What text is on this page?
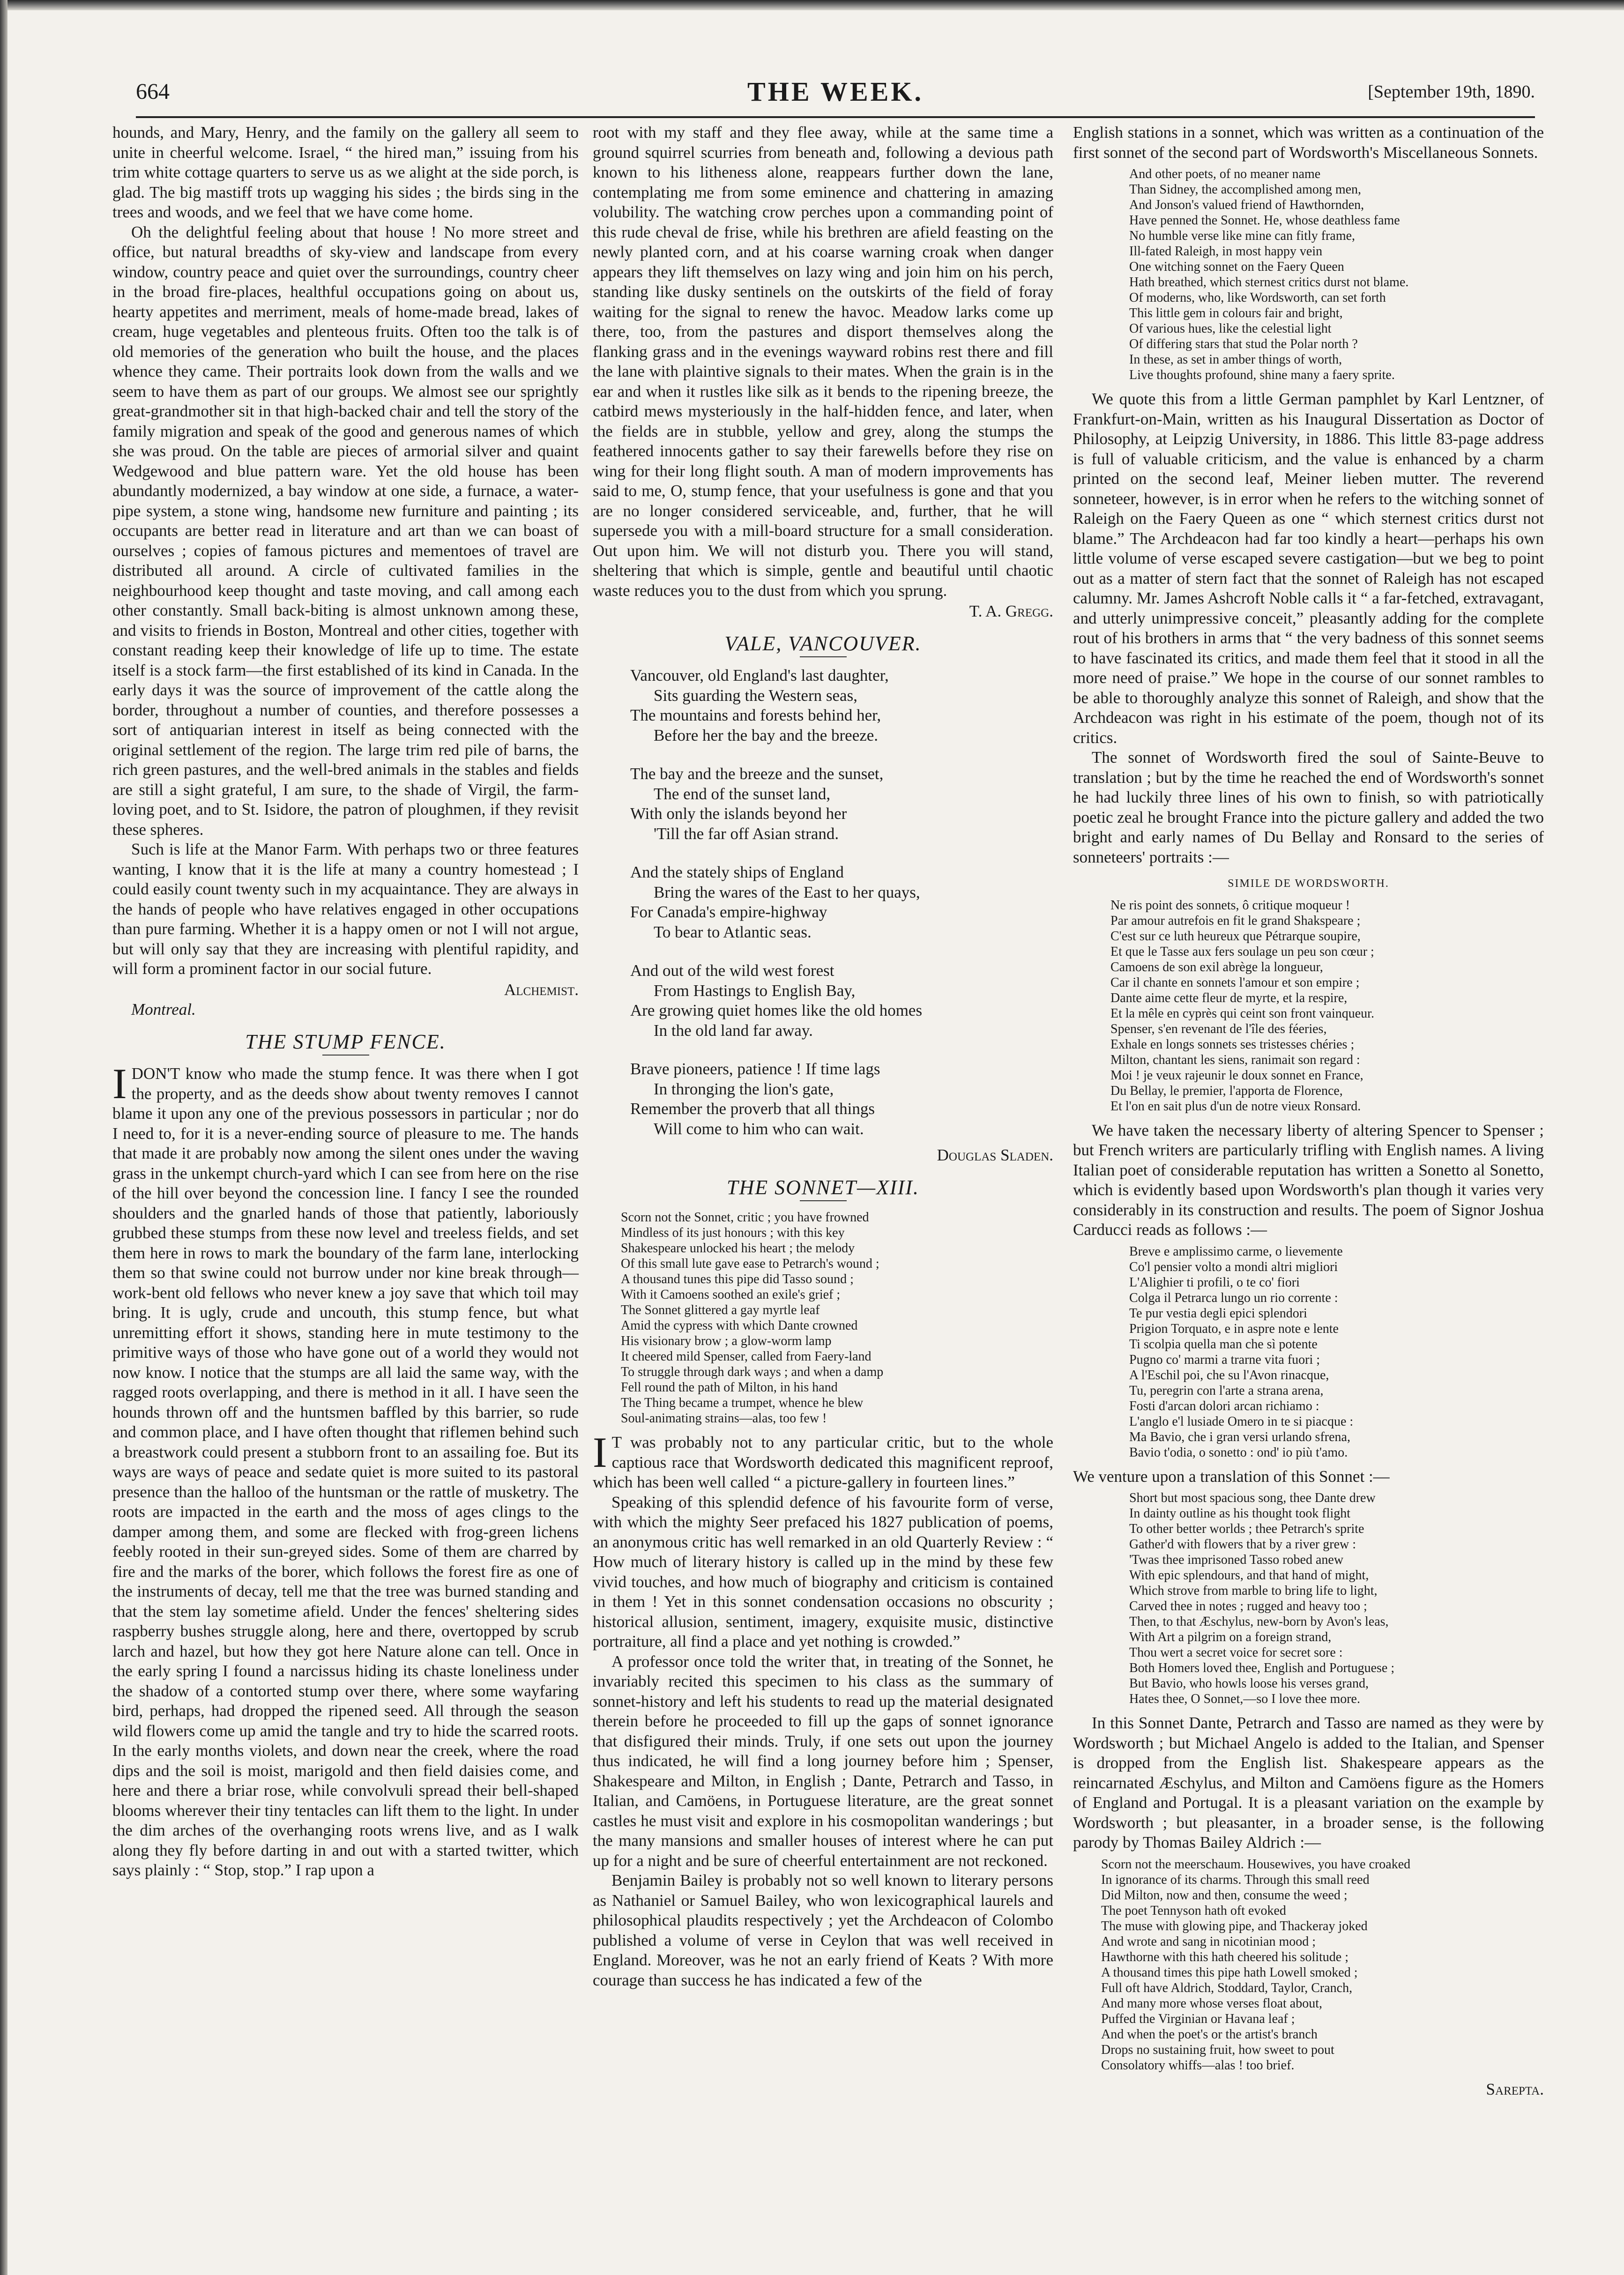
664	THE WEEK.	[September 19th, 1890.

hounds, and Mary, Henry, and the family on the gallery all seem to unite in cheerful welcome. Israel, “ the hired man,” issuing from his trim white cottage quarters to serve us as we alight at the side porch, is glad. The big mastiff trots up wagging his sides ; the birds sing in the trees and woods, and we feel that we have come home.

Oh the delightful feeling about that house ! No more street and office, but natural breadths of sky-view and landscape from every window, country peace and quiet over the surroundings, country cheer in the broad fire-places, healthful occupations going on about us, hearty appetites and merriment, meals of home-made bread, lakes of cream, huge vegetables and plenteous fruits. Often too the talk is of old memories of the generation who built the house, and the places whence they came. Their portraits look down from the walls and we seem to have them as part of our groups. We almost see our sprightly great-grandmother sit in that high-backed chair and tell the story of the family migration and speak of the good and generous names of which she was proud. On the table are pieces of armorial silver and quaint Wedgewood and blue pattern ware. Yet the old house has been abundantly modernized, a bay window at one side, a furnace, a water-pipe system, a stone wing, handsome new furniture and painting ; its occupants are better read in literature and art than we can boast of ourselves ; copies of famous pictures and mementoes of travel are distributed all around. A circle of cultivated families in the neighbourhood keep thought and taste moving, and call among each other constantly. Small back-biting is almost unknown among these, and visits to friends in Boston, Montreal and other cities, together with constant reading keep their knowledge of life up to time. The estate itself is a stock farm—the first established of its kind in Canada. In the early days it was the source of improvement of the cattle along the border, throughout a number of counties, and therefore possesses a sort of antiquarian interest in itself as being connected with the original settlement of the region. The large trim red pile of barns, the rich green pastures, and the well-bred animals in the stables and fields are still a sight grateful, I am sure, to the shade of Virgil, the farm-loving poet, and to St. Isidore, the patron of ploughmen, if they revisit these spheres.

Such is life at the Manor Farm. With perhaps two or three features wanting, I know that it is the life at many a country homestead ; I could easily count twenty such in my acquaintance. They are always in the hands of people who have relatives engaged in other occupations than pure farming. Whether it is a happy omen or not I will not argue, but will only say that they are increasing with plentiful rapidity, and will form a prominent factor in our social future.

Alchemist.
Montreal.
THE STUMP FENCE.

IDON'T know who made the stump fence. It was there when I got the property, and as the deeds show about twenty removes I cannot blame it upon any one of the previous possessors in particular ; nor do I need to, for it is a never-ending source of pleasure to me. The hands that made it are probably now among the silent ones under the waving grass in the unkempt church-yard which I can see from here on the rise of the hill over beyond the concession line. I fancy I see the rounded shoulders and the gnarled hands of those that patiently, laboriously grubbed these stumps from these now level and treeless fields, and set them here in rows to mark the boundary of the farm lane, interlocking them so that swine could not burrow under nor kine break through—work-bent old fellows who never knew a joy save that which toil may bring. It is ugly, crude and uncouth, this stump fence, but what unremitting effort it shows, standing here in mute testimony to the primitive ways of those who have gone out of a world they would not now know. I notice that the stumps are all laid the same way, with the ragged roots overlapping, and there is method in it all. I have seen the hounds thrown off and the huntsmen baffled by this barrier, so rude and common place, and I have often thought that riflemen behind such a breastwork could present a stubborn front to an assailing foe. But its ways are ways of peace and sedate quiet is more suited to its pastoral presence than the halloo of the huntsman or the rattle of musketry. The roots are impacted in the earth and the moss of ages clings to the damper among them, and some are flecked with frog-green lichens feebly rooted in their sun-greyed sides. Some of them are charred by fire and the marks of the borer, which follows the forest fire as one of the instruments of decay, tell me that the tree was burned standing and that the stem lay sometime afield. Under the fences' sheltering sides raspberry bushes struggle along, here and there, overtopped by scrub larch and hazel, but how they got here Nature alone can tell. Once in the early spring I found a narcissus hiding its chaste loneliness under the shadow of a contorted stump over there, where some wayfaring bird, perhaps, had dropped the ripened seed. All through the season wild flowers come up amid the tangle and try to hide the scarred roots. In the early months violets, and down near the creek, where the road dips and the soil is moist, marigold and then field daisies come, and here and there a briar rose, while convolvuli spread their bell-shaped blooms wherever their tiny tentacles can lift them to the light. In under the dim arches of the overhanging roots wrens live, and as I walk along they fly before darting in and out with a started twitter, which says plainly : “ Stop, stop.” I rap upon a

root with my staff and they flee away, while at the same time a ground squirrel scurries from beneath and, following a devious path known to his litheness alone, reappears further down the lane, contemplating me from some eminence and chattering in amazing volubility. The watching crow perches upon a commanding point of this rude cheval de frise, while his brethren are afield feasting on the newly planted corn, and at his coarse warning croak when danger appears they lift themselves on lazy wing and join him on his perch, standing like dusky sentinels on the outskirts of the field of foray waiting for the signal to renew the havoc. Meadow larks come up there, too, from the pastures and disport themselves along the flanking grass and in the evenings wayward robins rest there and fill the lane with plaintive signals to their mates. When the grain is in the ear and when it rustles like silk as it bends to the ripening breeze, the catbird mews mysteriously in the half-hidden fence, and later, when the fields are in stubble, yellow and grey, along the stumps the feathered innocents gather to say their farewells before they rise on wing for their long flight south. A man of modern improvements has said to me, O, stump fence, that your usefulness is gone and that you are no longer considered serviceable, and, further, that he will supersede you with a mill-board structure for a small consideration. Out upon him. We will not disturb you. There you will stand, sheltering that which is simple, gentle and beautiful until chaotic waste reduces you to the dust from which you sprung.

T. A. Gregg.
VALE, VANCOUVER.
Vancouver, old England's last daughter,
Sits guarding the Western seas,
The mountains and forests behind her,
Before her the bay and the breeze.
The bay and the breeze and the sunset,
The end of the sunset land,
With only the islands beyond her
'Till the far off Asian strand.
And the stately ships of England
Bring the wares of the East to her quays,
For Canada's empire-highway
To bear to Atlantic seas.
And out of the wild west forest
From Hastings to English Bay,
Are growing quiet homes like the old homes
In the old land far away.
Brave pioneers, patience ! If time lags
In thronging the lion's gate,
Remember the proverb that all things
Will come to him who can wait.
Douglas Sladen.
THE SONNET—XIII.
Scorn not the Sonnet, critic ; you have frowned
Mindless of its just honours ; with this key
Shakespeare unlocked his heart ; the melody
Of this small lute gave ease to Petrarch's wound ;
A thousand tunes this pipe did Tasso sound ;
With it Camoens soothed an exile's grief ;
The Sonnet glittered a gay myrtle leaf
Amid the cypress with which Dante crowned
His visionary brow ; a glow-worm lamp
It cheered mild Spenser, called from Faery-land
To struggle through dark ways ; and when a damp
Fell round the path of Milton, in his hand
The Thing became a trumpet, whence he blew
Soul-animating strains—alas, too few !

IT was probably not to any particular critic, but to the whole captious race that Wordsworth dedicated this magnificent reproof, which has been well called “ a picture-gallery in fourteen lines.”

Speaking of this splendid defence of his favourite form of verse, with which the mighty Seer prefaced his 1827 publication of poems, an anonymous critic has well remarked in an old Quarterly Review : “ How much of literary history is called up in the mind by these few vivid touches, and how much of biography and criticism is contained in them ! Yet in this sonnet condensation occasions no obscurity ; historical allusion, sentiment, imagery, exquisite music, distinctive portraiture, all find a place and yet nothing is crowded.”

A professor once told the writer that, in treating of the Sonnet, he invariably recited this specimen to his class as the summary of sonnet-history and left his students to read up the material designated therein before he proceeded to fill up the gaps of sonnet ignorance that disfigured their minds. Truly, if one sets out upon the journey thus indicated, he will find a long journey before him ; Spenser, Shakespeare and Milton, in English ; Dante, Petrarch and Tasso, in Italian, and Camöens, in Portuguese literature, are the great sonnet castles he must visit and explore in his cosmopolitan wanderings ; but the many mansions and smaller houses of interest where he can put up for a night and be sure of cheerful entertainment are not reckoned.

Benjamin Bailey is probably not so well known to literary persons as Nathaniel or Samuel Bailey, who won lexicographical laurels and philosophical plaudits respectively ; yet the Archdeacon of Colombo published a volume of verse in Ceylon that was well received in England. Moreover, was he not an early friend of Keats ? With more courage than success he has indicated a few of the

English stations in a sonnet, which was written as a continuation of the first sonnet of the second part of Wordsworth's Miscellaneous Sonnets.

And other poets, of no meaner name
Than Sidney, the accomplished among men,
And Jonson's valued friend of Hawthornden,
Have penned the Sonnet. He, whose deathless fame
No humble verse like mine can fitly frame,
Ill-fated Raleigh, in most happy vein
One witching sonnet on the Faery Queen
Hath breathed, which sternest critics durst not blame.
Of moderns, who, like Wordsworth, can set forth
This little gem in colours fair and bright,
Of various hues, like the celestial light
Of differing stars that stud the Polar north ?
In these, as set in amber things of worth,
Live thoughts profound, shine many a faery sprite.

We quote this from a little German pamphlet by Karl Lentzner, of Frankfurt-on-Main, written as his Inaugural Dissertation as Doctor of Philosophy, at Leipzig University, in 1886. This little 83-page address is full of valuable criticism, and the value is enhanced by a charm printed on the second leaf, Meiner lieben mutter. The reverend sonneteer, however, is in error when he refers to the witching sonnet of Raleigh on the Faery Queen as one “ which sternest critics durst not blame.” The Archdeacon had far too kindly a heart—perhaps his own little volume of verse escaped severe castigation—but we beg to point out as a matter of stern fact that the sonnet of Raleigh has not escaped calumny. Mr. James Ashcroft Noble calls it “ a far-fetched, extravagant, and utterly unimpressive conceit,” pleasantly adding for the complete rout of his brothers in arms that “ the very badness of this sonnet seems to have fascinated its critics, and made them feel that it stood in all the more need of praise.” We hope in the course of our sonnet rambles to be able to thoroughly analyze this sonnet of Raleigh, and show that the Archdeacon was right in his estimate of the poem, though not of its critics.

The sonnet of Wordsworth fired the soul of Sainte-Beuve to translation ; but by the time he reached the end of Wordsworth's sonnet he had luckily three lines of his own to finish, so with patriotically poetic zeal he brought France into the picture gallery and added the two bright and early names of Du Bellay and Ronsard to the series of sonneteers' portraits :—

SIMILE DE WORDSWORTH.
Ne ris point des sonnets, ô critique moqueur !
Par amour autrefois en fit le grand Shakspeare ;
C'est sur ce luth heureux que Pétrarque soupire,
Et que le Tasse aux fers soulage un peu son cœur ;
Camoens de son exil abrège la longueur,
Car il chante en sonnets l'amour et son empire ;
Dante aime cette fleur de myrte, et la respire,
Et la mêle en cyprès qui ceint son front vainqueur.
Spenser, s'en revenant de l'île des féeries,
Exhale en longs sonnets ses tristesses chéries ;
Milton, chantant les siens, ranimait son regard :
Moi ! je veux rajeunir le doux sonnet en France,
Du Bellay, le premier, l'apporta de Florence,
Et l'on en sait plus d'un de notre vieux Ronsard.

We have taken the necessary liberty of altering Spencer to Spenser ; but French writers are particularly trifling with English names. A living Italian poet of considerable reputation has written a Sonetto al Sonetto, which is evidently based upon Wordsworth's plan though it varies very considerably in its construction and results. The poem of Signor Joshua Carducci reads as follows :—

Breve e amplissimo carme, o lievemente
Co'l pensier volto a mondi altri migliori
L'Alighier ti profili, o te co' fiori
Colga il Petrarca lungo un rio corrente :
Te pur vestia degli epici splendori
Prigion Torquato, e in aspre note e lente
Ti scolpia quella man che sì potente
Pugno co' marmi a trarne vita fuori ;
A l'Eschil poi, che su l'Avon rinacque,
Tu, peregrin con l'arte a strana arena,
Fosti d'arcan dolori arcan richiamo :
L'anglo e'l lusiade Omero in te si piacque :
Ma Bavio, che i gran versi urlando sfrena,
Bavio t'odia, o sonetto : ond' io più t'amo.

We venture upon a translation of this Sonnet :—

Short but most spacious song, thee Dante drew
In dainty outline as his thought took flight
To other better worlds ; thee Petrarch's sprite
Gather'd with flowers that by a river grew :
'Twas thee imprisoned Tasso robed anew
With epic splendours, and that hand of might,
Which strove from marble to bring life to light,
Carved thee in notes ; rugged and heavy too ;
Then, to that Æschylus, new-born by Avon's leas,
With Art a pilgrim on a foreign strand,
Thou wert a secret voice for secret sore :
Both Homers loved thee, English and Portuguese ;
But Bavio, who howls loose his verses grand,
Hates thee, O Sonnet,—so I love thee more.

In this Sonnet Dante, Petrarch and Tasso are named as they were by Wordsworth ; but Michael Angelo is added to the Italian, and Spenser is dropped from the English list. Shakespeare appears as the reincarnated Æschylus, and Milton and Camöens figure as the Homers of England and Portugal. It is a pleasant variation on the example by Wordsworth ; but pleasanter, in a broader sense, is the following parody by Thomas Bailey Aldrich :—

Scorn not the meerschaum. Housewives, you have croaked
In ignorance of its charms. Through this small reed
Did Milton, now and then, consume the weed ;
The poet Tennyson hath oft evoked
The muse with glowing pipe, and Thackeray joked
And wrote and sang in nicotinian mood ;
Hawthorne with this hath cheered his solitude ;
A thousand times this pipe hath Lowell smoked ;
Full oft have Aldrich, Stoddard, Taylor, Cranch,
And many more whose verses float about,
Puffed the Virginian or Havana leaf ;
And when the poet's or the artist's branch
Drops no sustaining fruit, how sweet to pout
Consolatory whiffs—alas ! too brief.
Sarepta.
